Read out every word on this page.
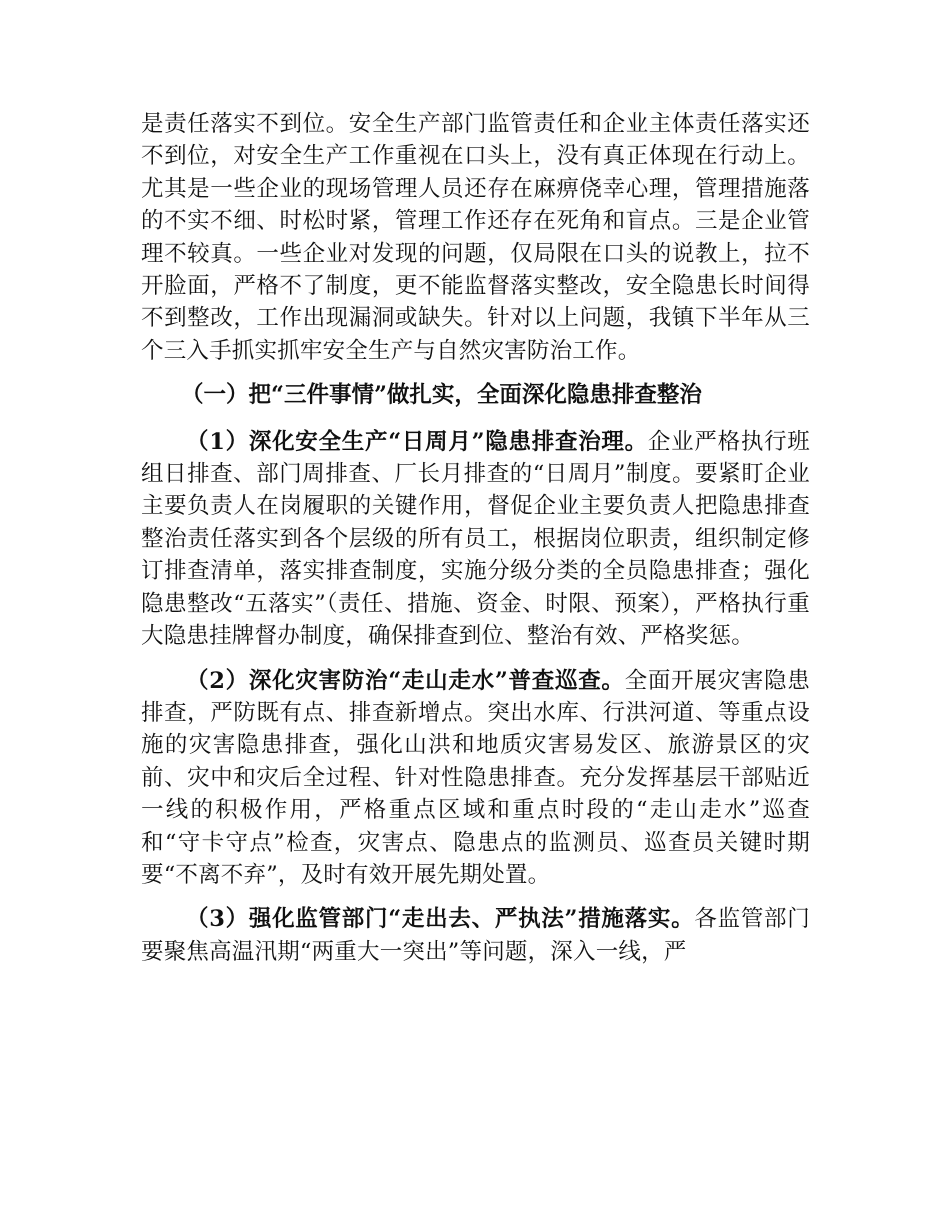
是责任落实不到位。安全生产部门监管责任和企业主体责任落实还不到位，对安全生产工作重视在口头上，没有真正体现在行动上。尤其是一些企业的现场管理人员还存在麻痹侥幸心理，管理措施落的不实不细、时松时紧，管理工作还存在死角和盲点。三是企业管理不较真。一些企业对发现的问题，仅局限在口头的说教上，拉不开脸面，严格不了制度，更不能监督落实整改，安全隐患长时间得不到整改，工作出现漏洞或缺失。针对以上问题，我镇下半年从三个三入手抓实抓牢安全生产与自然灾害防治工作。

（一）把“三件事情”做扎实，全面深化隐患排查整治

（1）深化安全生产“日周月”隐患排查治理。企业严格执行班组日排查、部门周排查、厂长月排查的“日周月”制度。要紧盯企业主要负责人在岗履职的关键作用，督促企业主要负责人把隐患排查整治责任落实到各个层级的所有员工，根据岗位职责，组织制定修订排查清单，落实排查制度，实施分级分类的全员隐患排查；强化隐患整改“五落实”（责任、措施、资金、时限、预案），严格执行重大隐患挂牌督办制度，确保排查到位、整治有效、严格奖惩。

（2）深化灾害防治“走山走水”普查巡查。全面开展灾害隐患排查，严防既有点、排查新增点。突出水库、行洪河道、等重点设施的灾害隐患排查，强化山洪和地质灾害易发区、旅游景区的灾前、灾中和灾后全过程、针对性隐患排查。充分发挥基层干部贴近一线的积极作用，严格重点区域和重点时段的“走山走水”巡查和“守卡守点”检查，灾害点、隐患点的监测员、巡查员关键时期要“不离不弃”，及时有效开展先期处置。

（3）强化监管部门“走出去、严执法”措施落实。各监管部门要聚焦高温汛期“两重大一突出”等问题，深入一线，严
